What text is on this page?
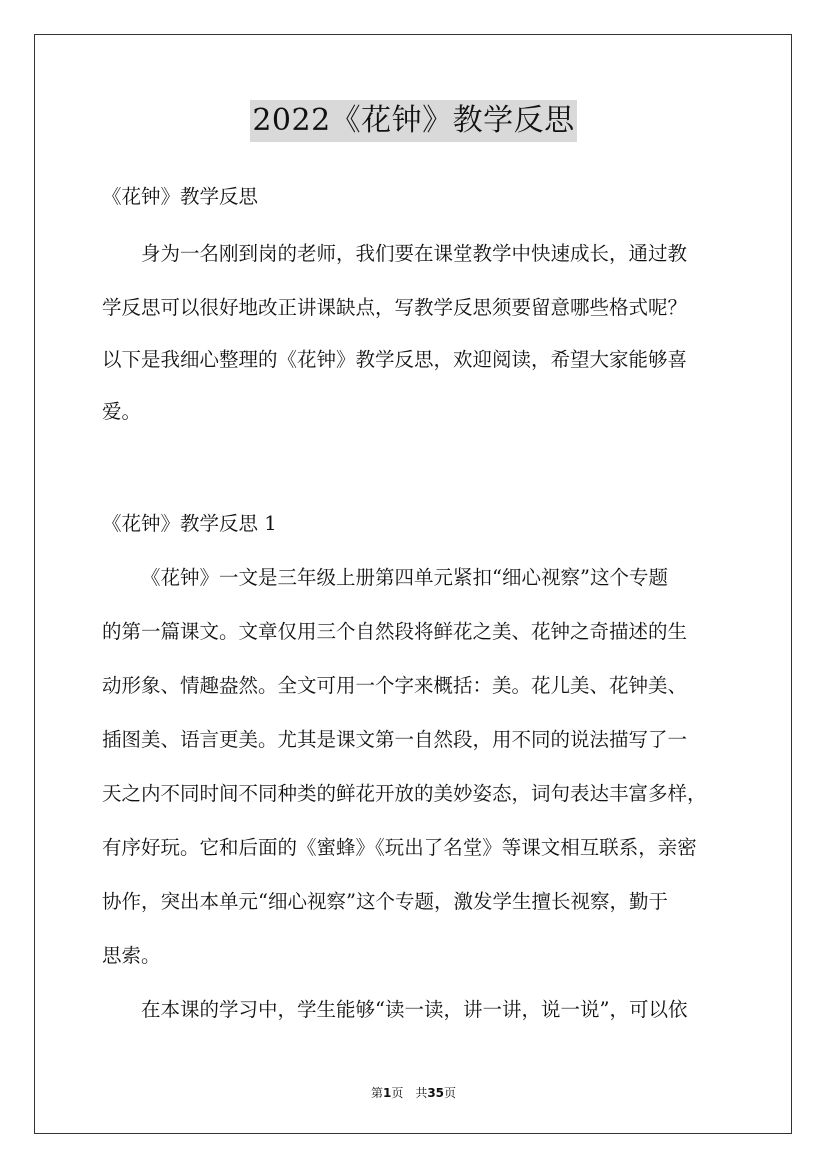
2022《花钟》教学反思
《花钟》教学反思
身为一名刚到岗的老师，我们要在课堂教学中快速成长，通过教
学反思可以很好地改正讲课缺点，写教学反思须要留意哪些格式呢？
以下是我细心整理的《花钟》教学反思，欢迎阅读，希望大家能够喜
爱。
《花钟》教学反思 1
《花钟》一文是三年级上册第四单元紧扣“细心视察”这个专题
的第一篇课文。文章仅用三个自然段将鲜花之美、花钟之奇描述的生
动形象、情趣盎然。全文可用一个字来概括：美。花儿美、花钟美、
插图美、语言更美。尤其是课文第一自然段，用不同的说法描写了一
天之内不同时间不同种类的鲜花开放的美妙姿态，词句表达丰富多样，
有序好玩。它和后面的《蜜蜂》《玩出了名堂》等课文相互联系，亲密
协作，突出本单元“细心视察”这个专题，激发学生擅长视察，勤于
思索。
在本课的学习中，学生能够“读一读，讲一讲，说一说”，可以依
第1页　共35页
